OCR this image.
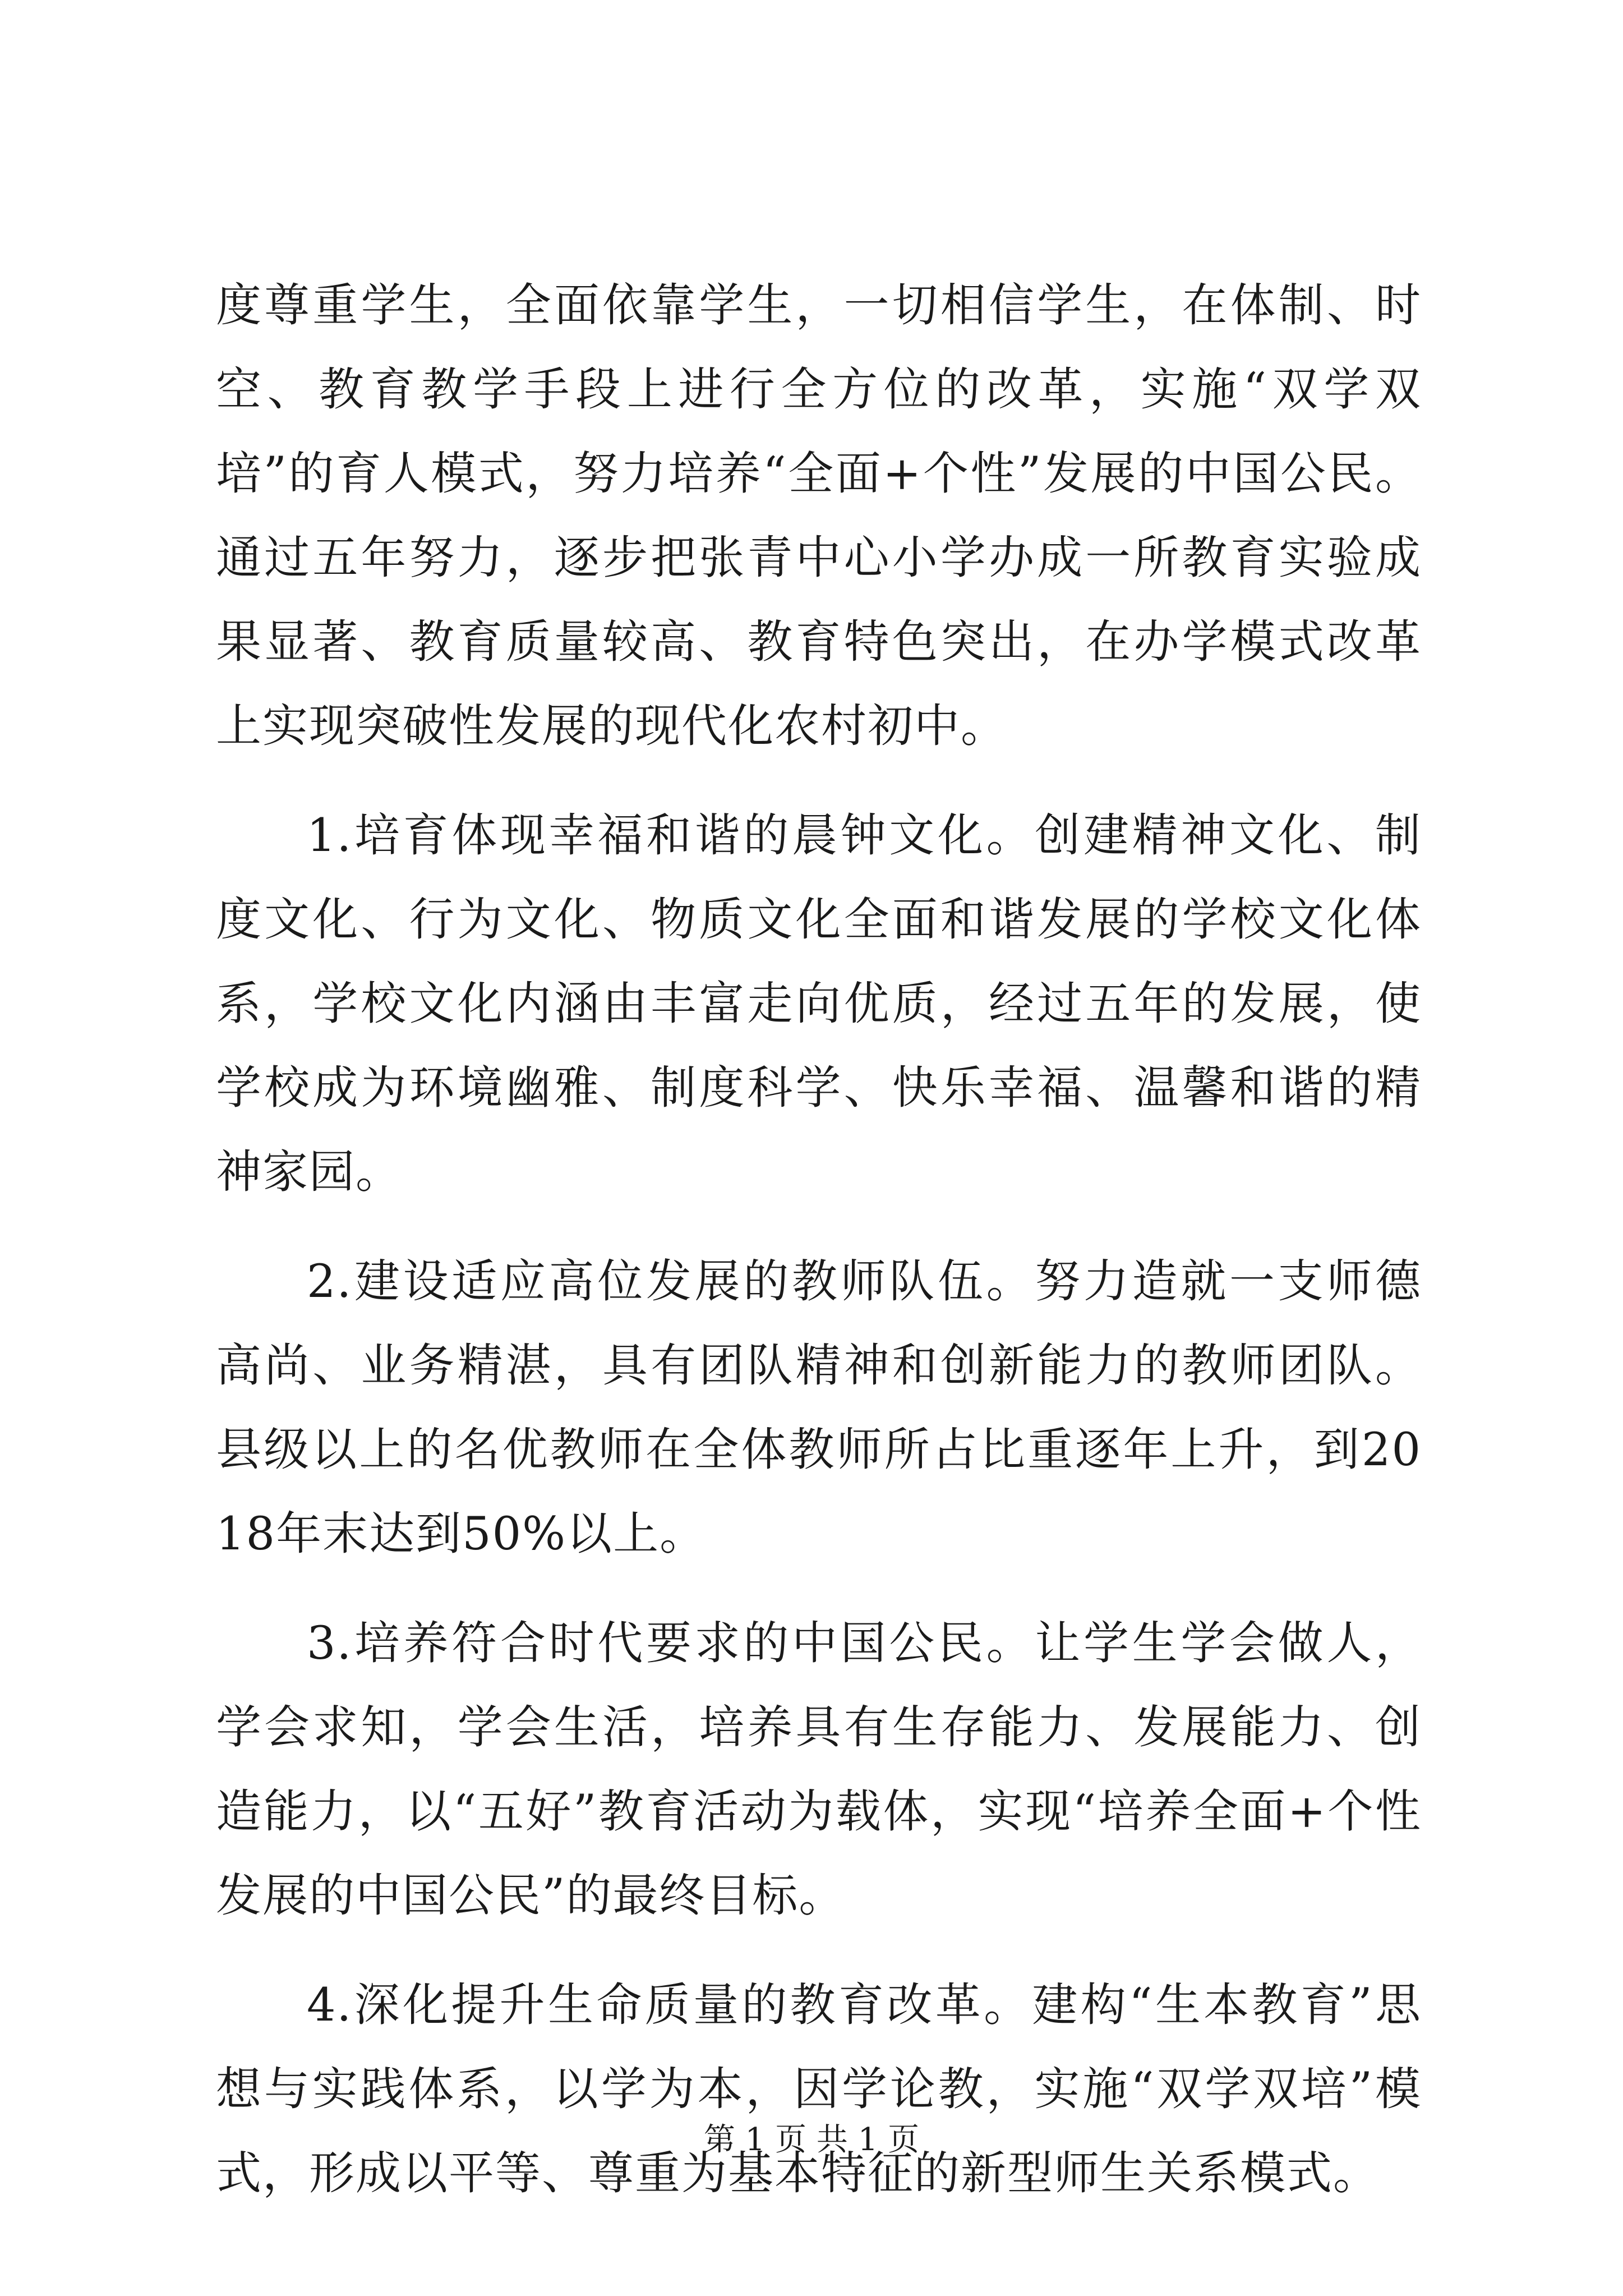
度尊重学生，全面依靠学生，一切相信学生，在体制、时空、教育教学手段上进行全方位的改革，实施“双学双培”的育人模式，努力培养“全面+个性”发展的中国公民。通过五年努力，逐步把张青中心小学办成一所教育实验成果显著、教育质量较高、教育特色突出，在办学模式改革上实现突破性发展的现代化农村初中。

1.培育体现幸福和谐的晨钟文化。创建精神文化、制度文化、行为文化、物质文化全面和谐发展的学校文化体系，学校文化内涵由丰富走向优质，经过五年的发展，使学校成为环境幽雅、制度科学、快乐幸福、温馨和谐的精神家园。

2.建设适应高位发展的教师队伍。努力造就一支师德高尚、业务精湛，具有团队精神和创新能力的教师团队。县级以上的名优教师在全体教师所占比重逐年上升，到2018年末达到50%以上。

3.培养符合时代要求的中国公民。让学生学会做人，学会求知，学会生活，培养具有生存能力、发展能力、创造能力，以“五好”教育活动为载体，实现“培养全面+个性发展的中国公民”的最终目标。

4.深化提升生命质量的教育改革。建构“生本教育”思想与实践体系，以学为本，因学论教，实施“双学双培”模式，形成以平等、尊重为基本特征的新型师生关系模式。

第 1 页 共 1 页
